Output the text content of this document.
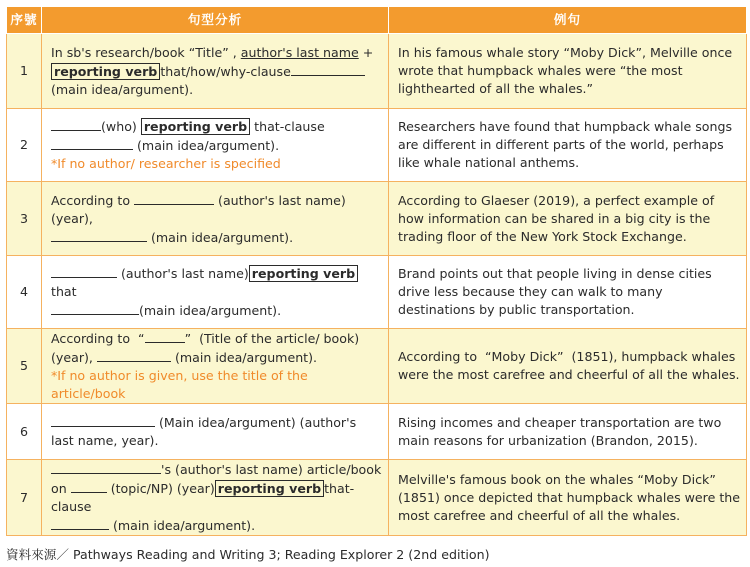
序號	句型分析	例句
1	In sb's research/book “Title” , author's last name +
reporting verb that/how/why-clause
(main idea/argument).	In his famous whale story “Moby Dick”, Melville once wrote that humpback whales were “the most lighthearted of all the whales.”
2	(who) reporting verb that-clause
(main idea/argument).
*If no author/ researcher is specified	Researchers have found that humpback whale songs are different in different parts of the world, perhaps like whale national anthems.
3	According to (author's last name) (year),
(main idea/argument).	According to Glaeser (2019), a perfect example of how information can be shared in a big city is the trading floor of the New York Stock Exchange.
4	(author's last name) reporting verb that
(main idea/argument).	Brand points out that people living in dense cities drive less because they can walk to many destinations by public transportation.
5	According to  “ ”  (Title of the article/ book)
(year), (main idea/argument).
*If no author is given, use the title of the article/book	According to  “Moby Dick”  (1851), humpback whales were the most carefree and cheerful of all the whales.
6	(Main idea/argument) (author's last name, year).	Rising incomes and cheaper transportation are two main reasons for urbanization (Brandon, 2015).
7	's (author's last name) article/book
on (topic/NP) (year) reporting verb that-clause
(main idea/argument).	Melville's famous book on the whales “Moby Dick” (1851) once depicted that humpback whales were the most carefree and cheerful of all the whales.
資料來源／ Pathways Reading and Writing 3; Reading Explorer 2 (2nd edition)
